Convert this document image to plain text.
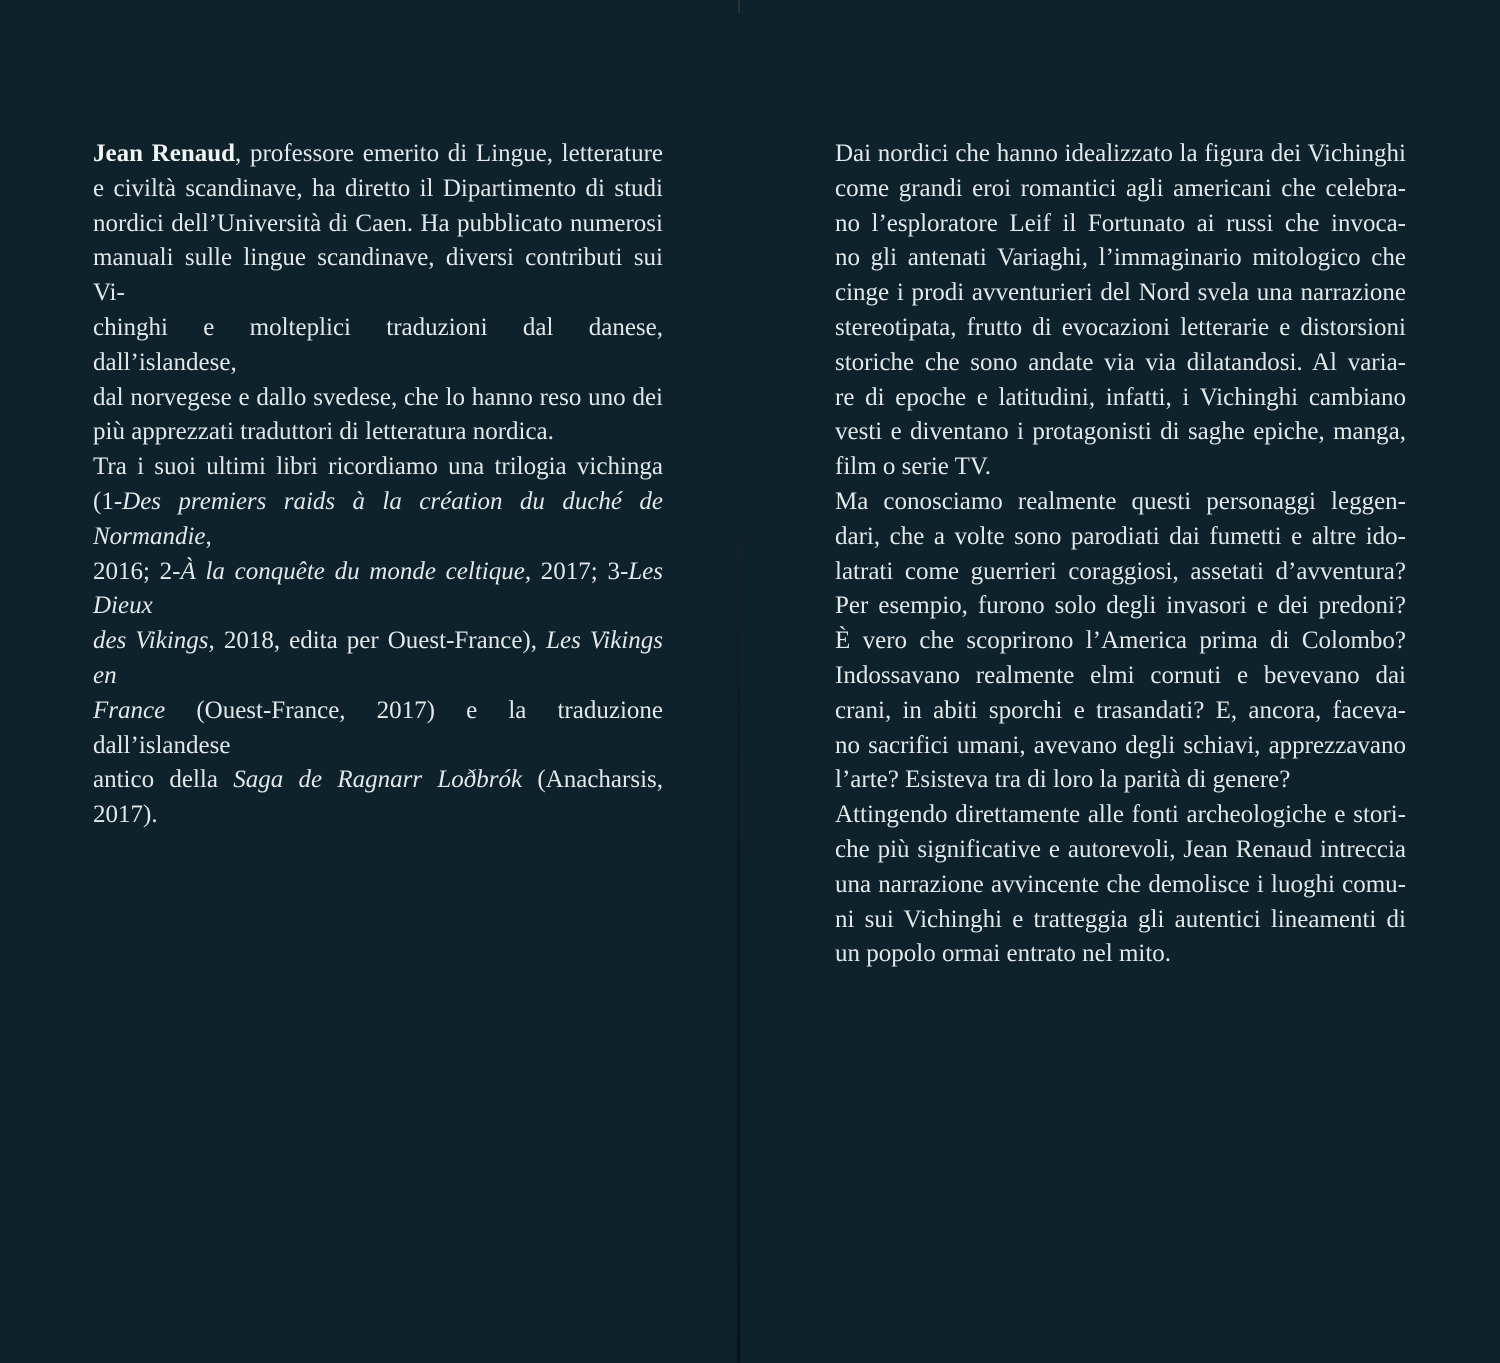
Jean Renaud, professore emerito di Lingue, letterature
e civiltà scandinave, ha diretto il Dipartimento di studi
nordici dell’Università di Caen. Ha pubblicato numerosi
manuali sulle lingue scandinave, diversi contributi sui Vi-
chinghi e molteplici traduzioni dal danese, dall’islandese,
dal norvegese e dallo svedese, che lo hanno reso uno dei
più apprezzati traduttori di letteratura nordica.
Tra i suoi ultimi libri ricordiamo una trilogia vichinga
(1-Des premiers raids à la création du duché de Normandie,
2016; 2-À la conquête du monde celtique, 2017; 3-Les Dieux
des Vikings, 2018, edita per Ouest-France), Les Vikings en
France (Ouest-France, 2017) e la traduzione dall’islandese
antico della Saga de Ragnarr Loðbrók (Anacharsis, 2017).
Dai nordici che hanno idealizzato la figura dei Vichinghi
come grandi eroi romantici agli americani che celebra-
no l’esploratore Leif il Fortunato ai russi che invoca-
no gli antenati Variaghi, l’immaginario mitologico che
cinge i prodi avventurieri del Nord svela una narrazione
stereotipata, frutto di evocazioni letterarie e distorsioni
storiche che sono andate via via dilatandosi. Al varia-
re di epoche e latitudini, infatti, i Vichinghi cambiano
vesti e diventano i protagonisti di saghe epiche, manga,
film o serie TV.
Ma conosciamo realmente questi personaggi leggen-
dari, che a volte sono parodiati dai fumetti e altre ido-
latrati come guerrieri coraggiosi, assetati d’avventura?
Per esempio, furono solo degli invasori e dei predoni?
È vero che scoprirono l’America prima di Colombo?
Indossavano realmente elmi cornuti e bevevano dai
crani, in abiti sporchi e trasandati? E, ancora, faceva-
no sacrifici umani, avevano degli schiavi, apprezzavano
l’arte? Esisteva tra di loro la parità di genere?
Attingendo direttamente alle fonti archeologiche e stori-
che più significative e autorevoli, Jean Renaud intreccia
una narrazione avvincente che demolisce i luoghi comu-
ni sui Vichinghi e tratteggia gli autentici lineamenti di
un popolo ormai entrato nel mito.
